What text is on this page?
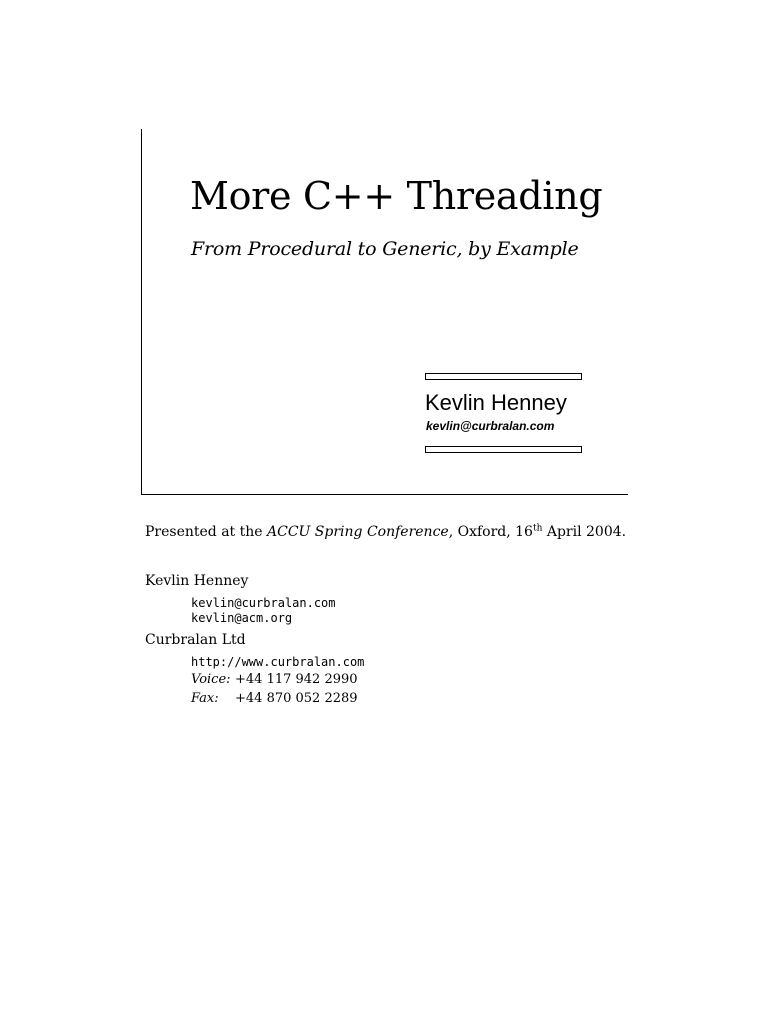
More C++ Threading
From Procedural to Generic, by Example
Kevlin Henney
kevlin@curbralan.com
Presented at the ACCU Spring Conference, Oxford, 16th April 2004.
Kevlin Henney
kevlin@curbralan.com
kevlin@acm.org
Curbralan Ltd
http://www.curbralan.com
Voice: +44 117 942 2990
Fax: +44 870 052 2289
